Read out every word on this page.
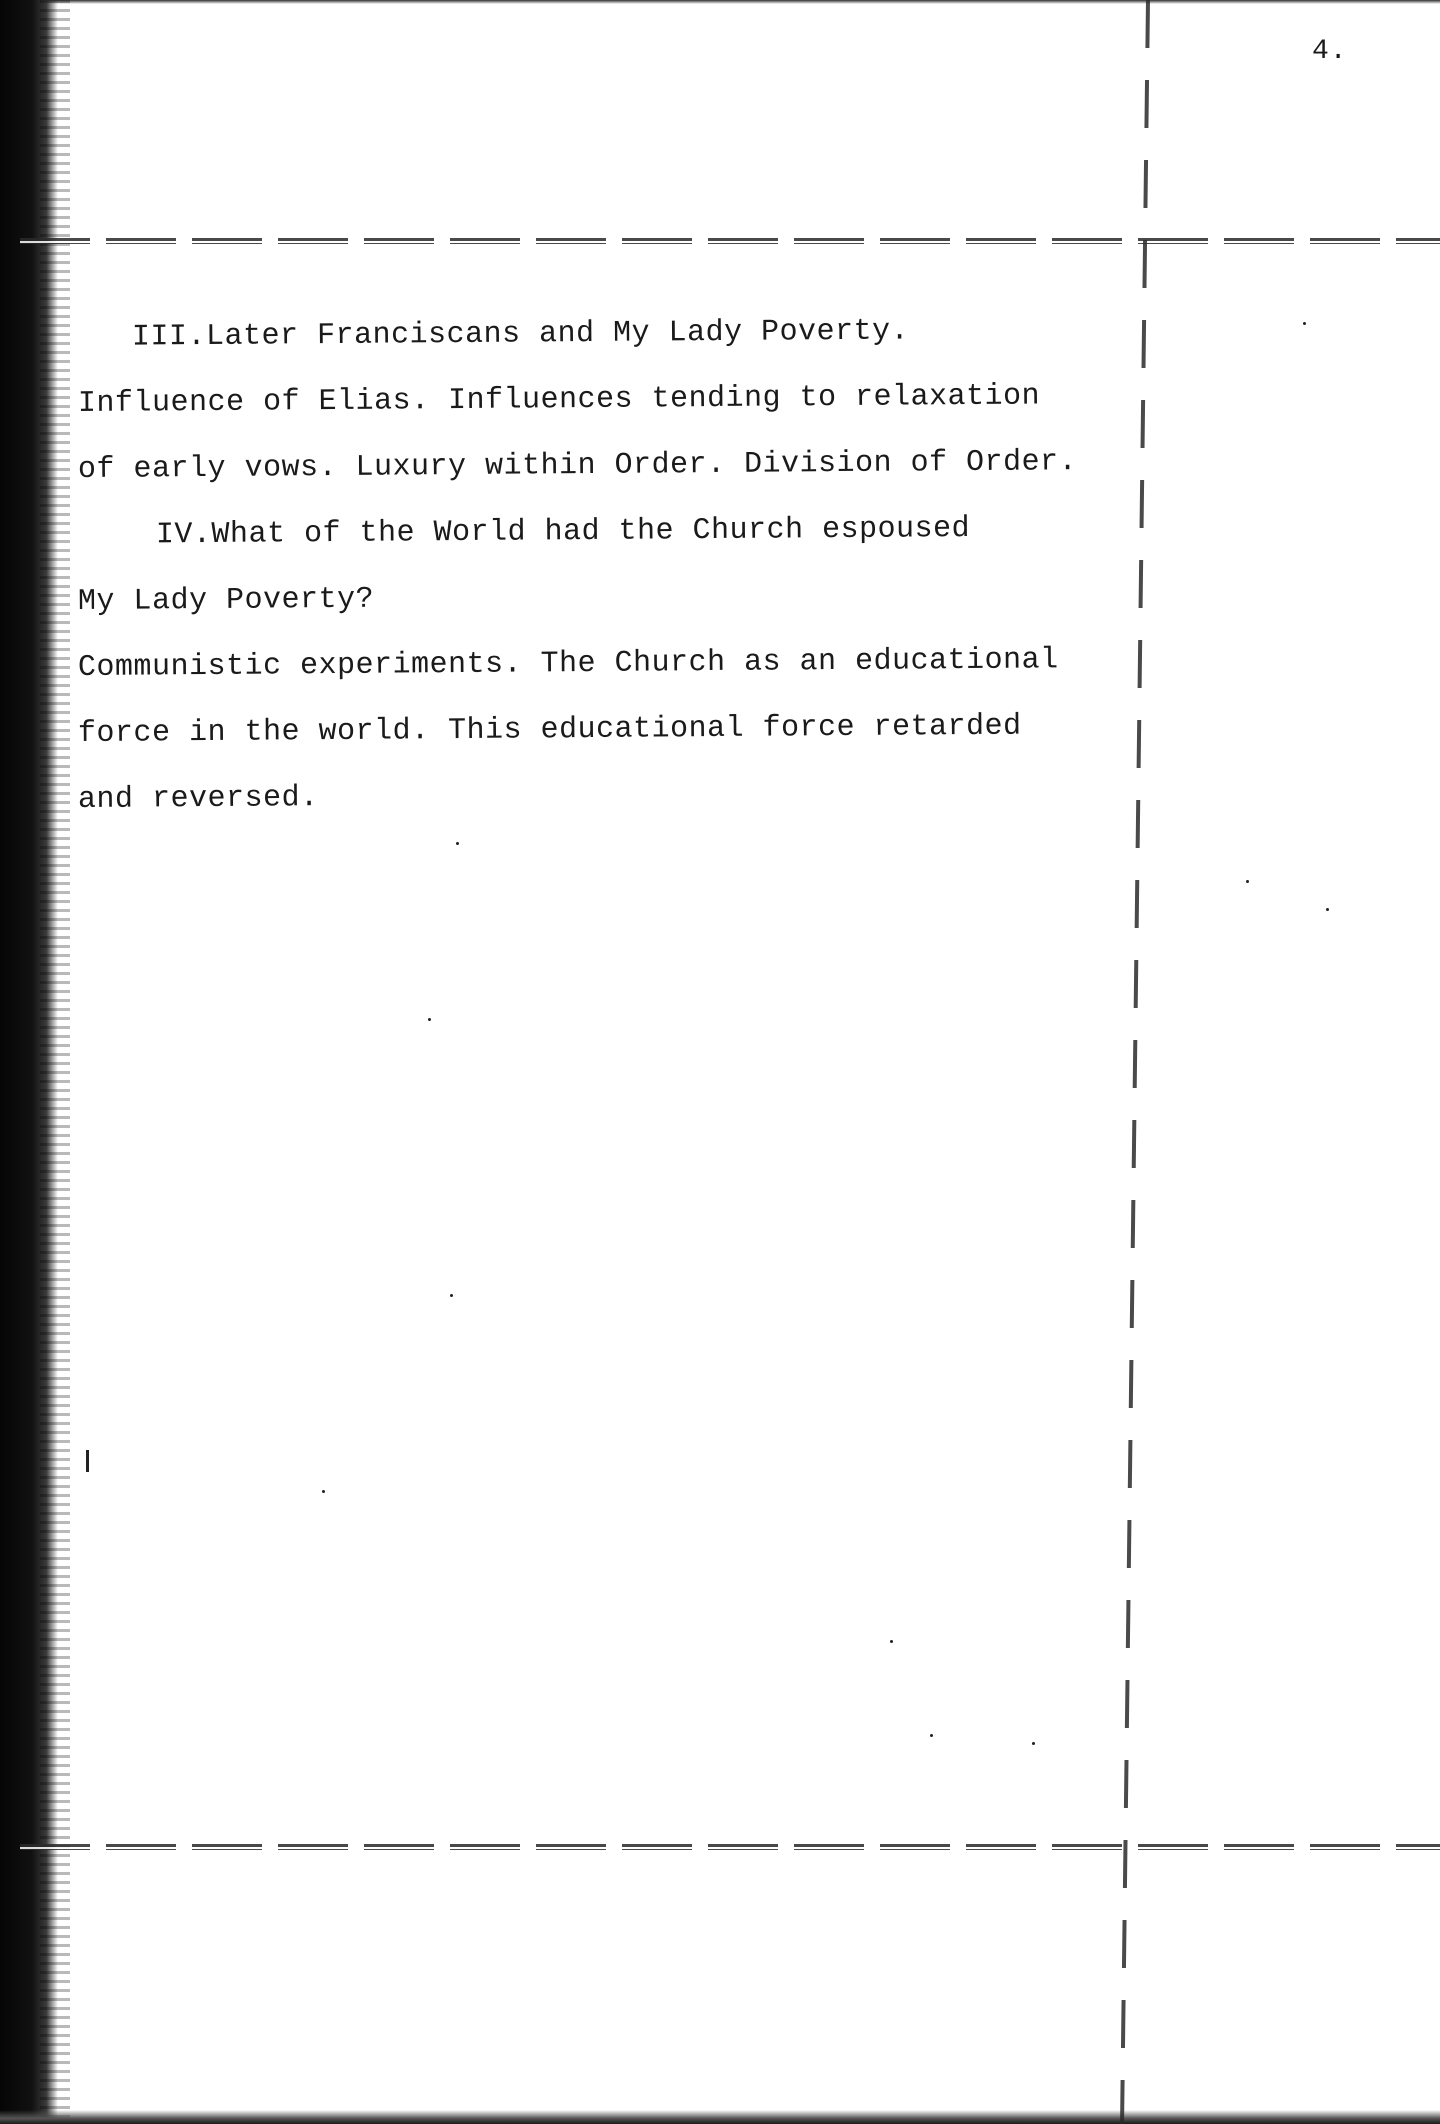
4.
III.Later Franciscans and My Lady Poverty.
Influence of Elias. Influences tending to relaxation
of early vows. Luxury within Order. Division of Order.
IV.What of the World had the Church espoused
My Lady Poverty?
Communistic experiments. The Church as an educational
force in the world. This educational force retarded
and reversed.
